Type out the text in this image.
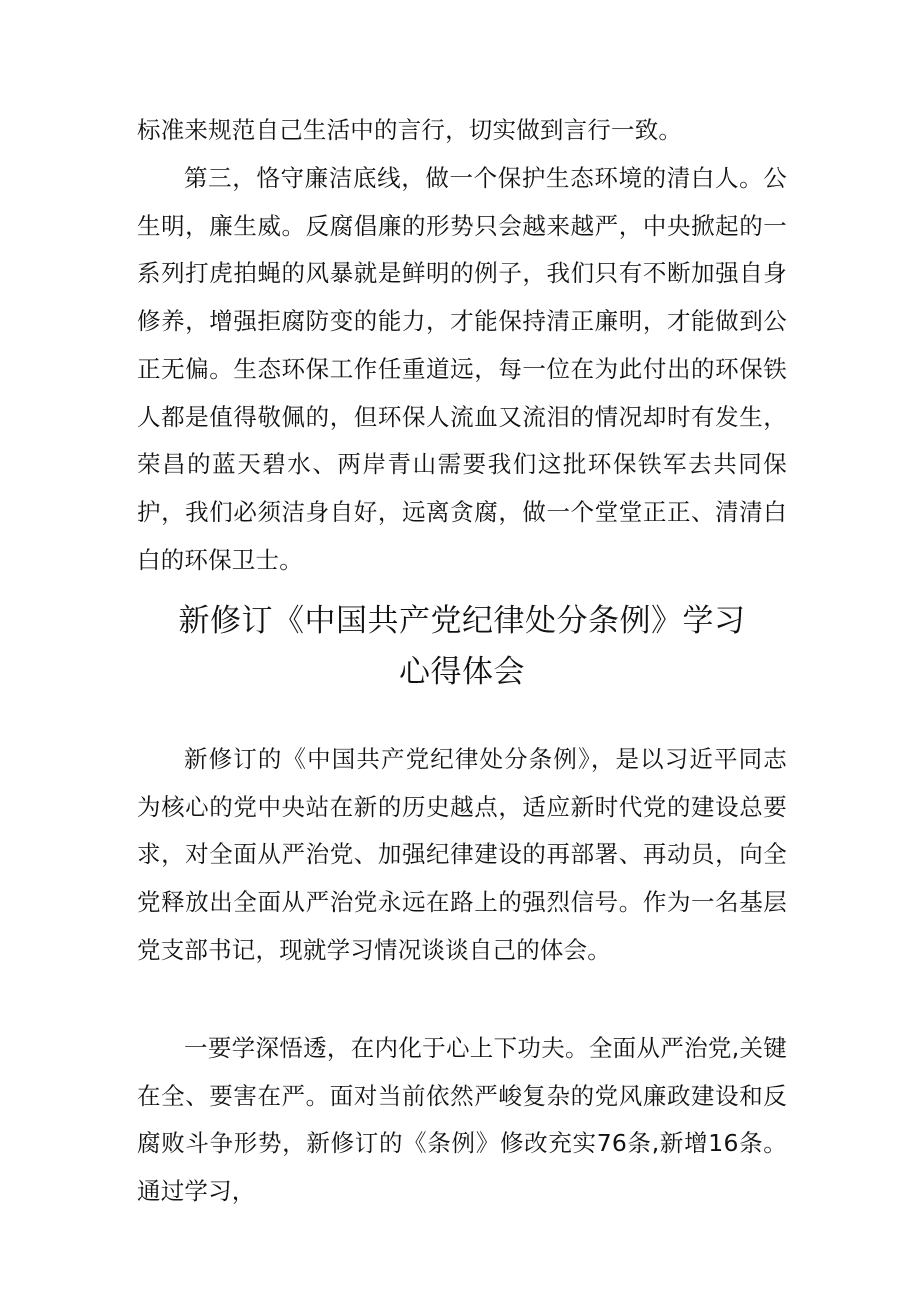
标准来规范自己生活中的言行，切实做到言行一致。

第三，恪守廉洁底线，做一个保护生态环境的清白人。公生明，廉生威。反腐倡廉的形势只会越来越严，中央掀起的一系列打虎拍蝇的风暴就是鲜明的例子，我们只有不断加强自身修养，增强拒腐防变的能力，才能保持清正廉明，才能做到公正无偏。生态环保工作任重道远，每一位在为此付出的环保铁人都是值得敬佩的，但环保人流血又流泪的情况却时有发生，荣昌的蓝天碧水、两岸青山需要我们这批环保铁军去共同保护，我们必须洁身自好，远离贪腐，做一个堂堂正正、清清白白的环保卫士。

新修订《中国共产党纪律处分条例》学习
心得体会

新修订的《中国共产党纪律处分条例》，是以习近平同志为核心的党中央站在新的历史越点，适应新时代党的建设总要求，对全面从严治党、加强纪律建设的再部署、再动员，向全党释放出全面从严治党永远在路上的强烈信号。作为一名基层党支部书记，现就学习情况谈谈自己的体会。

一要学深悟透，在内化于心上下功夫。全面从严治党,关键在全、要害在严。面对当前依然严峻复杂的党风廉政建设和反腐败斗争形势，新修订的《条例》修改充实76条,新增16条。通过学习，
